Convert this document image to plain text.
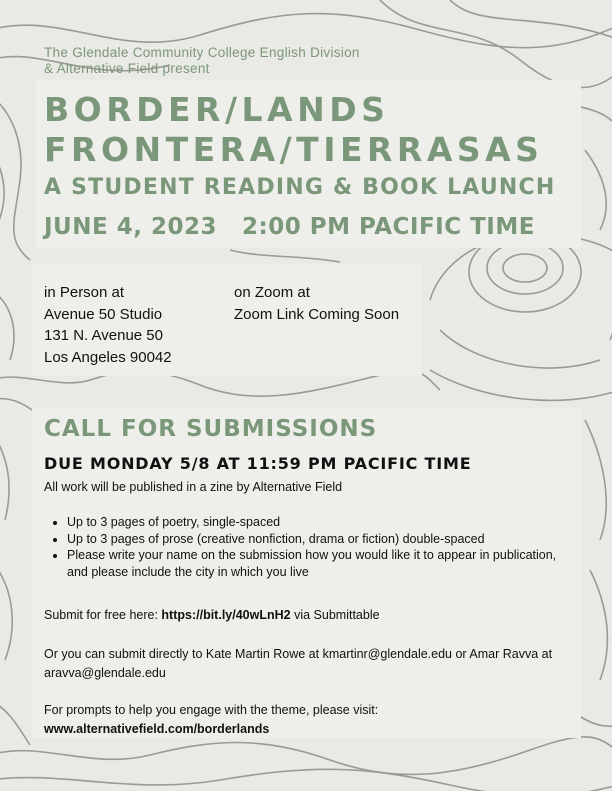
The Glendale Community College English Division
& Alternative Field present
BORDER/LANDS
FRONTERA/TIERRASAS
A STUDENT READING & BOOK LAUNCH
JUNE 4, 2023 2:00 PM PACIFIC TIME
in Person at
Avenue 50 Studio
131 N. Avenue 50
Los Angeles 90042
on Zoom at
Zoom Link Coming Soon
CALL FOR SUBMISSIONS
DUE MONDAY 5/8 AT 11:59 PM PACIFIC TIME
All work will be published in a zine by Alternative Field
• Up to 3 pages of poetry, single-spaced
• Up to 3 pages of prose (creative nonfiction, drama or fiction) double-spaced
• Please write your name on the submission how you would like it to appear in publication, and please include the city in which you live
Submit for free here: https://bit.ly/40wLnH2 via Submittable
Or you can submit directly to Kate Martin Rowe at kmartinr@glendale.edu or Amar Ravva at aravva@glendale.edu
For prompts to help you engage with the theme, please visit:
www.alternativefield.com/borderlands
